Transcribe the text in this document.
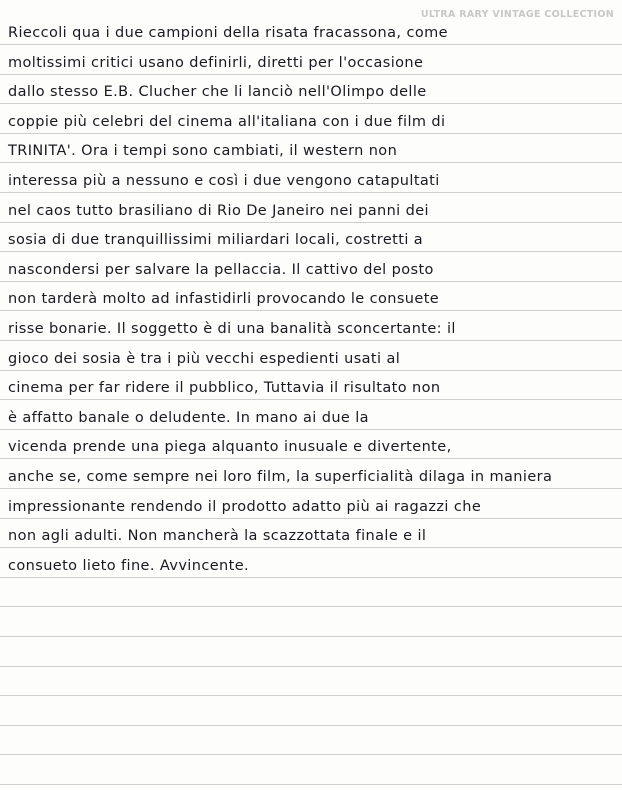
ULTRA RARY VINTAGE COLLECTION
Rieccoli qua i due campioni della risata fracassona, come
moltissimi critici usano definirli, diretti per l'occasione
dallo stesso E.B. Clucher che li lanciò nell'Olimpo delle
coppie più celebri del cinema all'italiana con i due film di
TRINITA'. Ora i tempi sono cambiati, il western non
interessa più a nessuno e così i due vengono catapultati
nel caos tutto brasiliano di Rio De Janeiro nei panni dei
sosia di due tranquillissimi miliardari locali, costretti a
nascondersi per salvare la pellaccia. Il cattivo del posto
non tarderà molto ad infastidirli provocando le consuete
risse bonarie. Il soggetto è di una banalità sconcertante: il
gioco dei sosia è tra i più vecchi espedienti usati al
cinema per far ridere il pubblico, Tuttavia il risultato non
è affatto banale o deludente. In mano ai due la
vicenda prende una piega alquanto inusuale e divertente,
anche se, come sempre nei loro film, la superficialità dilaga in maniera
impressionante rendendo il prodotto adatto più ai ragazzi che
non agli adulti. Non mancherà la scazzottata finale e il
consueto lieto fine. Avvincente.
